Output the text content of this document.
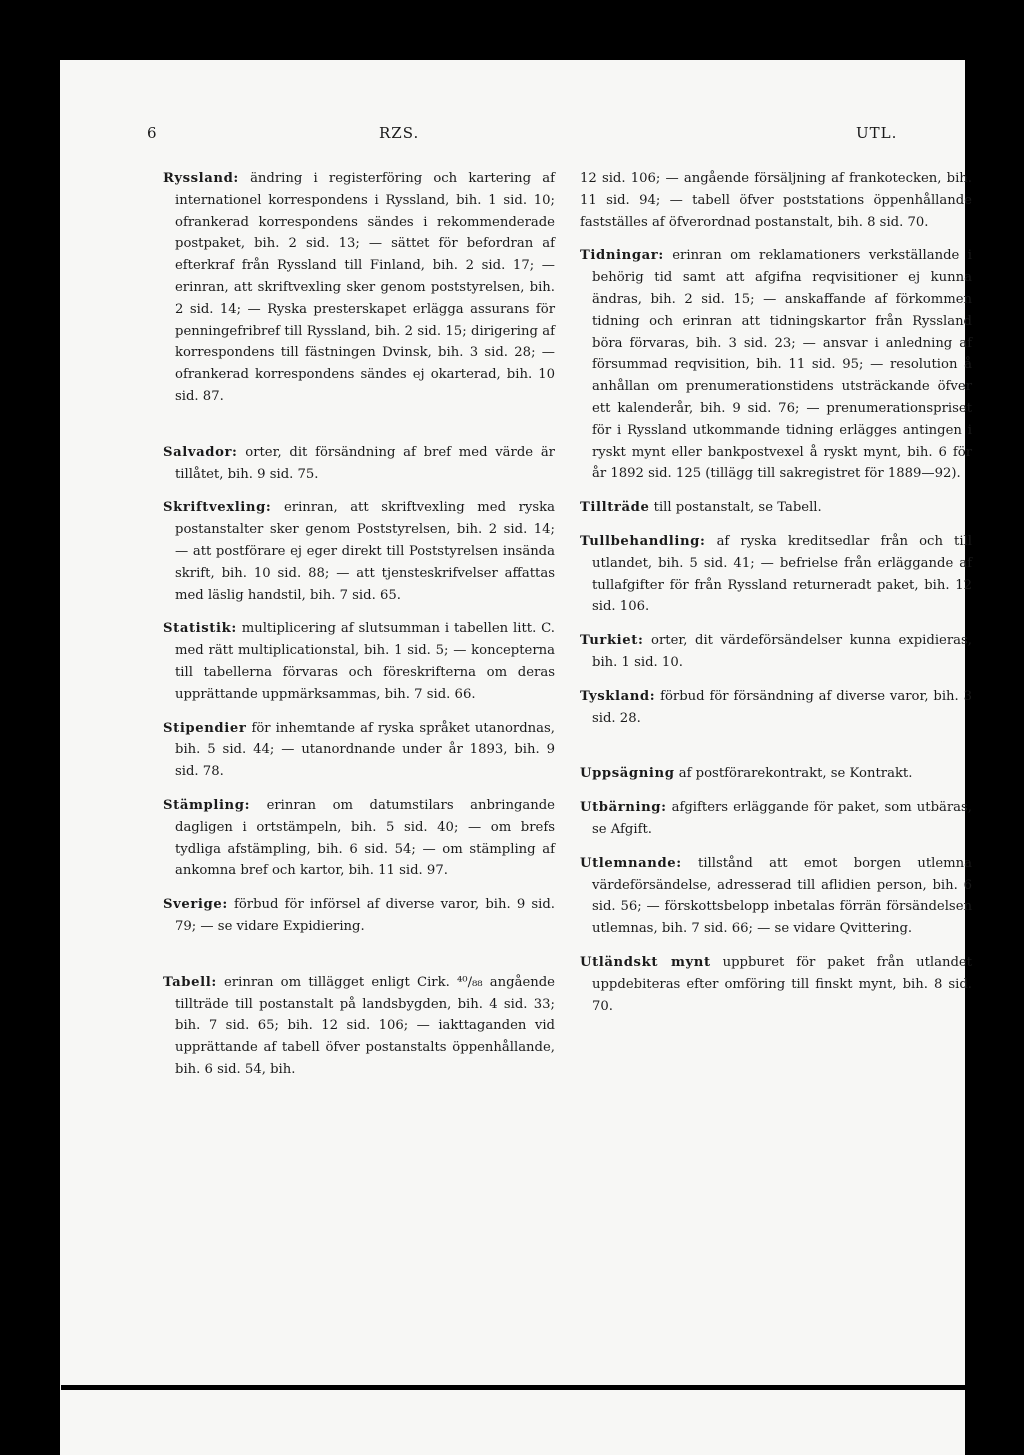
6	RZS.	UTL.

Ryssland: ändring i registerföring och kartering af internationel korrespondens i Ryssland, bih. 1 sid. 10; ofrankerad korrespondens sändes i rekommenderade postpaket, bih. 2 sid. 13; — sättet för befordran af efterkraf från Ryssland till Finland, bih. 2 sid. 17; — erinran, att skriftvexling sker genom poststyrelsen, bih. 2 sid. 14; — Ryska presterskapet erlägga assurans för penningefribref till Ryssland, bih. 2 sid. 15; dirigering af korrespondens till fästningen Dvinsk, bih. 3 sid. 28; — ofrankerad korrespondens sändes ej okarterad, bih. 10 sid. 87.

Salvador: orter, dit försändning af bref med värde är tillåtet, bih. 9 sid. 75.

Skriftvexling: erinran, att skriftvexling med ryska postanstalter sker genom Poststyrelsen, bih. 2 sid. 14; — att postförare ej eger direkt till Poststyrelsen insända skrift, bih. 10 sid. 88; — att tjensteskrifvelser affattas med läslig handstil, bih. 7 sid. 65.

Statistik: multiplicering af slutsumman i tabellen litt. C. med rätt multiplicationstal, bih. 1 sid. 5; — koncepterna till tabellerna förvaras och föreskrifterna om deras upprättande uppmärksammas, bih. 7 sid. 66.

Stipendier för inhemtande af ryska språket utanordnas, bih. 5 sid. 44; — utanordnande under år 1893, bih. 9 sid. 78.

Stämpling: erinran om datumstilars anbringande dagligen i ortstämpeln, bih. 5 sid. 40; — om brefs tydliga afstämpling, bih. 6 sid. 54; — om stämpling af ankomna bref och kartor, bih. 11 sid. 97.

Sverige: förbud för införsel af diverse varor, bih. 9 sid. 79; — se vidare Expidiering.

Tabell: erinran om tillägget enligt Cirk. ⁴⁰/₈₈ angående tillträde till postanstalt på landsbygden, bih. 4 sid. 33; bih. 7 sid. 65; bih. 12 sid. 106; — iakttaganden vid upprättande af tabell öfver postanstalts öppenhållande, bih. 6 sid. 54, bih.

12 sid. 106; — angående försäljning af frankotecken, bih. 11 sid. 94; — tabell öfver poststations öppenhållande fastställes af öfverordnad postanstalt, bih. 8 sid. 70.

Tidningar: erinran om reklamationers verkställande i behörig tid samt att afgifna reqvisitioner ej kunna ändras, bih. 2 sid. 15; — anskaffande af förkommen tidning och erinran att tidningskartor från Ryssland böra förvaras, bih. 3 sid. 23; — ansvar i anledning af försummad reqvisition, bih. 11 sid. 95; — resolution å anhållan om prenumerationstidens utsträckande öfver ett kalenderår, bih. 9 sid. 76; — prenumerationspriset för i Ryssland utkommande tidning erlägges antingen i ryskt mynt eller bankpostvexel å ryskt mynt, bih. 6 för år 1892 sid. 125 (tillägg till sakregistret för 1889—92).

Tillträde till postanstalt, se Tabell.

Tullbehandling: af ryska kreditsedlar från och till utlandet, bih. 5 sid. 41; — befrielse från erläggande af tullafgifter för från Ryssland returneradt paket, bih. 12 sid. 106.

Turkiet: orter, dit värdeförsändelser kunna expidieras, bih. 1 sid. 10.

Tyskland: förbud för försändning af diverse varor, bih. 3 sid. 28.

Uppsägning af postförarekontrakt, se Kontrakt.

Utbärning: afgifters erläggande för paket, som utbäras, se Afgift.

Utlemnande: tillstånd att emot borgen utlemna värdeförsändelse, adresserad till aflidien person, bih. 6 sid. 56; — förskottsbelopp inbetalas förrän försändelsen utlemnas, bih. 7 sid. 66; — se vidare Qvittering.

Utländskt mynt uppburet för paket från utlandet uppdebiteras efter omföring till finskt mynt, bih. 8 sid. 70.
